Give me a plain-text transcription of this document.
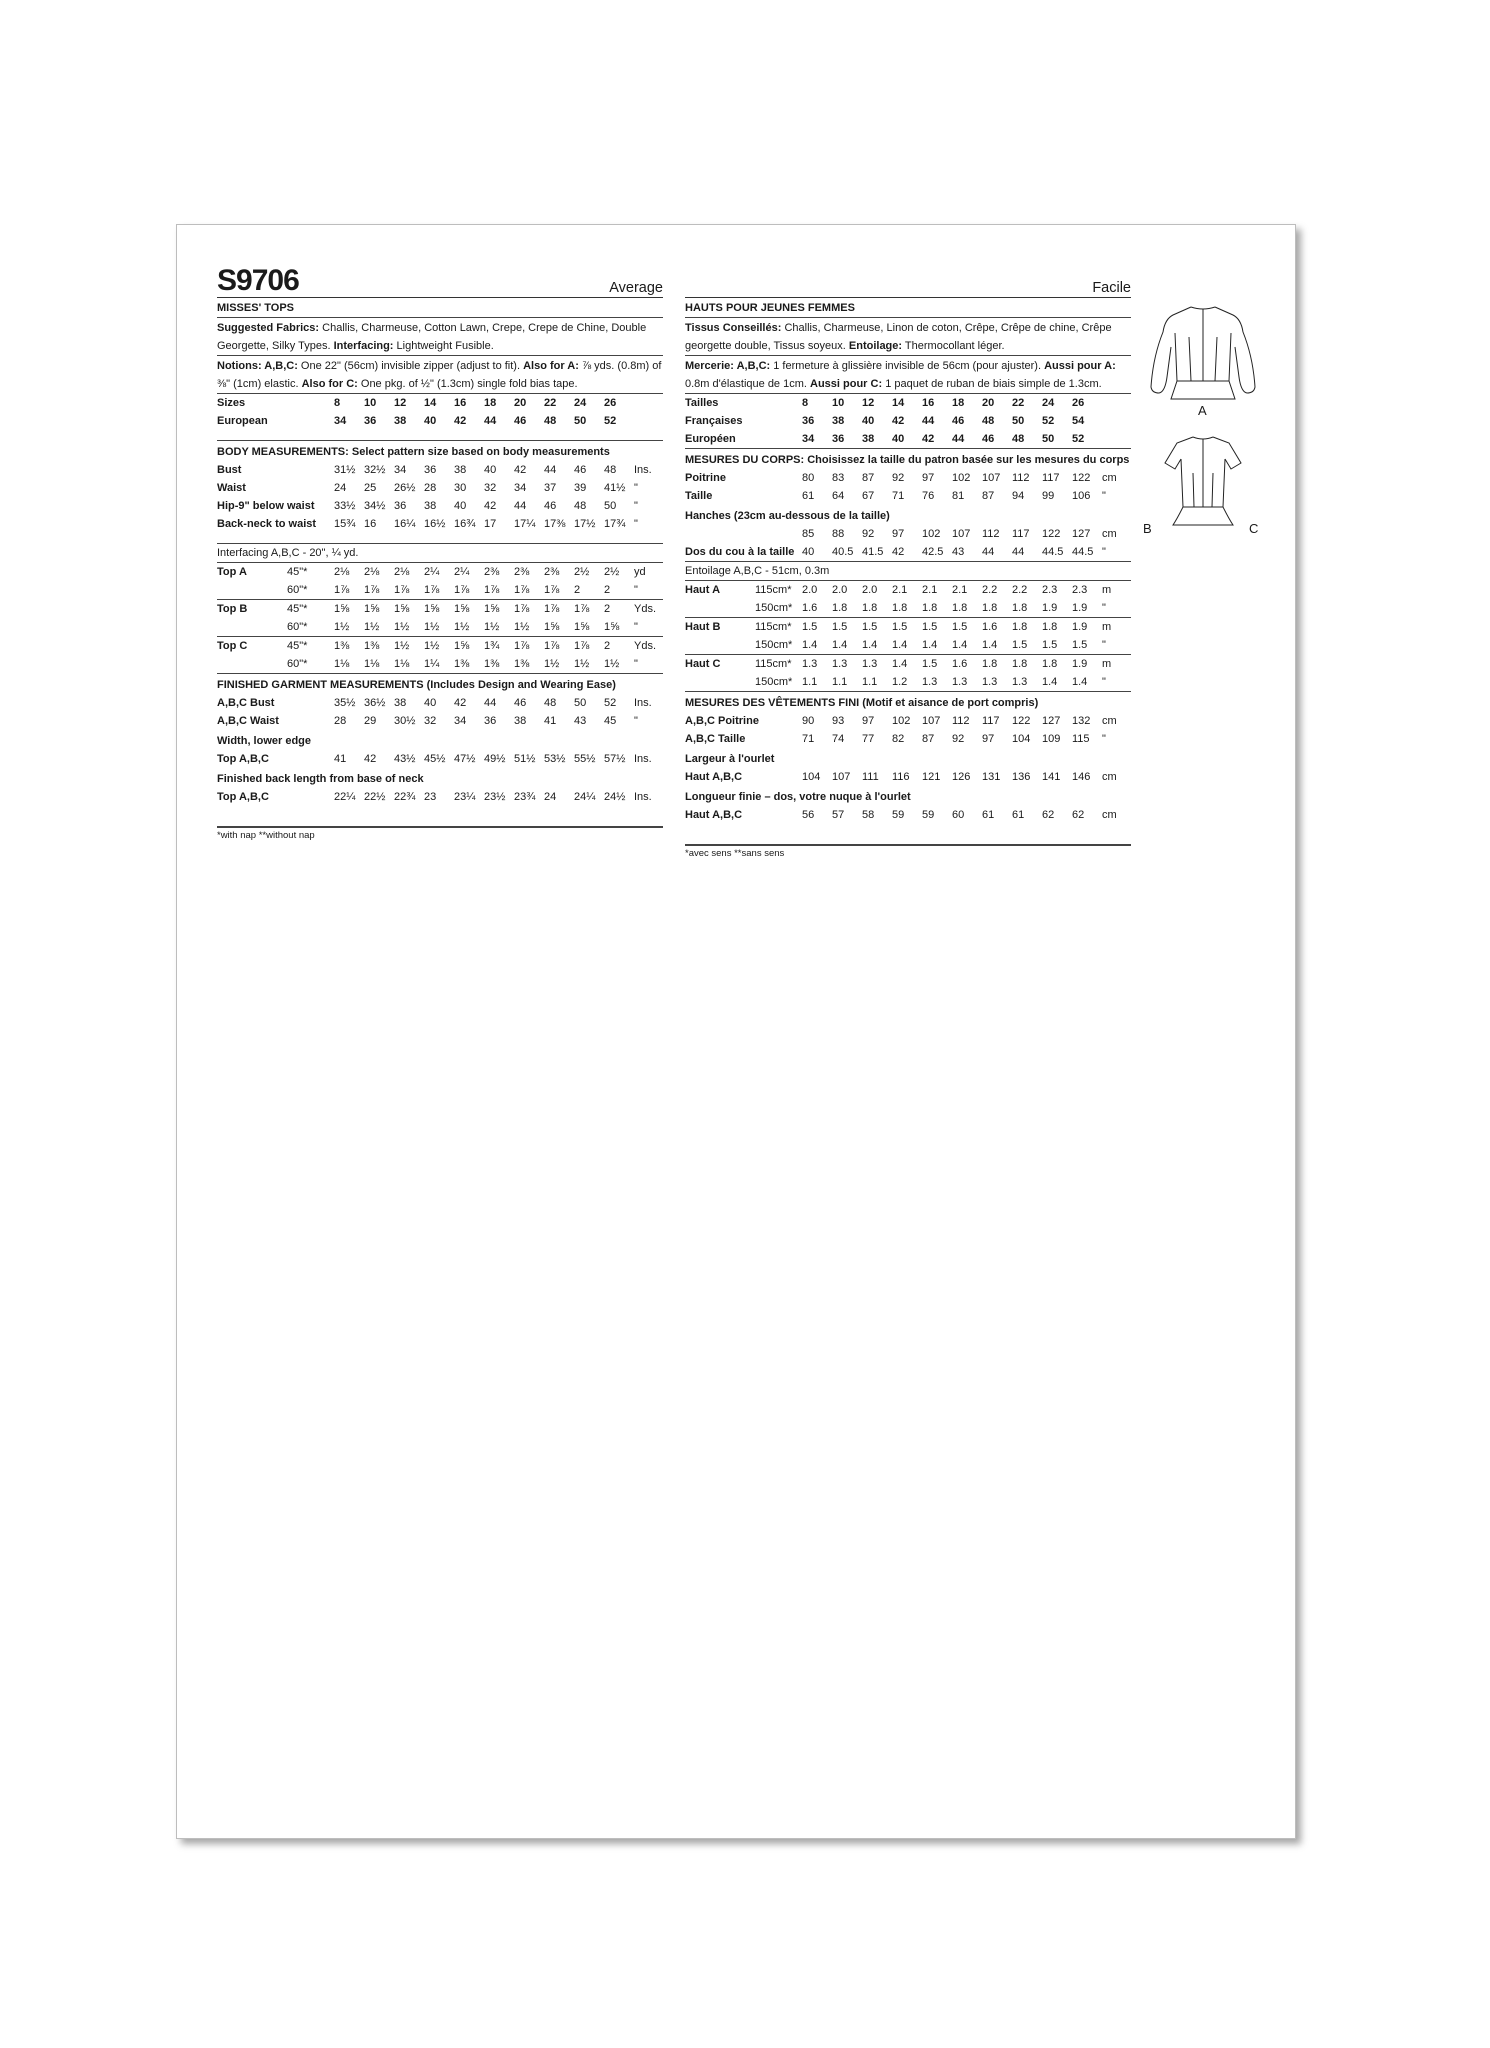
S9706	Average
MISSES' TOPS
Suggested Fabrics: Challis, Charmeuse, Cotton Lawn, Crepe, Crepe de Chine, Double Georgette, Silky Types. Interfacing: Lightweight Fusible.
Notions: A,B,C: One 22" (56cm) invisible zipper (adjust to fit). Also for A: ⅞ yds. (0.8m) of ⅜" (1cm) elastic. Also for C: One pkg. of ½" (1.3cm) single fold bias tape.
Sizes	8	10	12	14	16	18	20	22	24	26	
European	34	36	38	40	42	44	46	48	50	52	

BODY MEASUREMENTS: Select pattern size based on body measurements											
Bust	31½	32½	34	36	38	40	42	44	46	48	Ins.
Waist	24	25	26½	28	30	32	34	37	39	41½	"
Hip-9" below waist	33½	34½	36	38	40	42	44	46	48	50	"
Back-neck to waist	15¾	16	16¼	16½	16¾	17	17¼	17⅜	17½	17¾	"

Interfacing A,B,C - 20", ¼ yd.											
Top A 45"*	2⅛	2⅛	2⅛	2¼	2¼	2⅜	2⅜	2⅜	2½	2½	yd
60"*	1⅞	1⅞	1⅞	1⅞	1⅞	1⅞	1⅞	1⅞	2	2	"
Top B 45"*	1⅝	1⅝	1⅝	1⅝	1⅝	1⅝	1⅞	1⅞	1⅞	2	Yds.
60"*	1½	1½	1½	1½	1½	1½	1½	1⅝	1⅝	1⅝	"
Top C 45"*	1⅜	1⅜	1½	1½	1⅝	1¾	1⅞	1⅞	1⅞	2	Yds.
60"*	1⅛	1⅛	1⅛	1¼	1⅜	1⅜	1⅜	1½	1½	1½	"
FINISHED GARMENT MEASUREMENTS (Includes Design and Wearing Ease)											
A,B,C Bust	35½	36½	38	40	42	44	46	48	50	52	Ins.
A,B,C Waist	28	29	30½	32	34	36	38	41	43	45	"
Width, lower edge											
Top A,B,C	41	42	43½	45½	47½	49½	51½	53½	55½	57½	Ins.
Finished back length from base of neck											
Top A,B,C	22¼	22½	22¾	23	23¼	23½	23¾	24	24¼	24½	Ins.

*with nap **without nap
Facile
HAUTS POUR JEUNES FEMMES
Tissus Conseillés: Challis, Charmeuse, Linon de coton, Crêpe, Crêpe de chine, Crêpe georgette double, Tissus soyeux. Entoilage: Thermocollant léger.
Mercerie: A,B,C: 1 fermeture à glissière invisible de 56cm (pour ajuster). Aussi pour A: 0.8m d'élastique de 1cm. Aussi pour C: 1 paquet de ruban de biais simple de 1.3cm.
Tailles	8	10	12	14	16	18	20	22	24	26	
Françaises	36	38	40	42	44	46	48	50	52	54	
Européen	34	36	38	40	42	44	46	48	50	52	
MESURES DU CORPS: Choisissez la taille du patron basée sur les mesures du corps											
Poitrine	80	83	87	92	97	102	107	112	117	122	cm
Taille	61	64	67	71	76	81	87	94	99	106	"
Hanches (23cm au-dessous de la taille)											
	85	88	92	97	102	107	112	117	122	127	cm
Dos du cou à la taille	40	40.5	41.5	42	42.5	43	44	44	44.5	44.5	"
Entoilage A,B,C - 51cm, 0.3m											
Haut A 115cm*	2.0	2.0	2.0	2.1	2.1	2.1	2.2	2.2	2.3	2.3	m
150cm*	1.6	1.8	1.8	1.8	1.8	1.8	1.8	1.8	1.9	1.9	"
Haut B 115cm*	1.5	1.5	1.5	1.5	1.5	1.5	1.6	1.8	1.8	1.9	m
150cm*	1.4	1.4	1.4	1.4	1.4	1.4	1.4	1.5	1.5	1.5	"
Haut C 115cm*	1.3	1.3	1.3	1.4	1.5	1.6	1.8	1.8	1.8	1.9	m
150cm*	1.1	1.1	1.1	1.2	1.3	1.3	1.3	1.3	1.4	1.4	"
MESURES DES VÊTEMENTS FINI (Motif et aisance de port compris)											
A,B,C Poitrine	90	93	97	102	107	112	117	122	127	132	cm
A,B,C Taille	71	74	77	82	87	92	97	104	109	115	"
Largeur à l'ourlet											
Haut A,B,C	104	107	111	116	121	126	131	136	141	146	cm
Longueur finie – dos, votre nuque à l'ourlet											
Haut A,B,C	56	57	58	59	59	60	61	61	62	62	cm

*avec sens **sans sens
A
B	C
